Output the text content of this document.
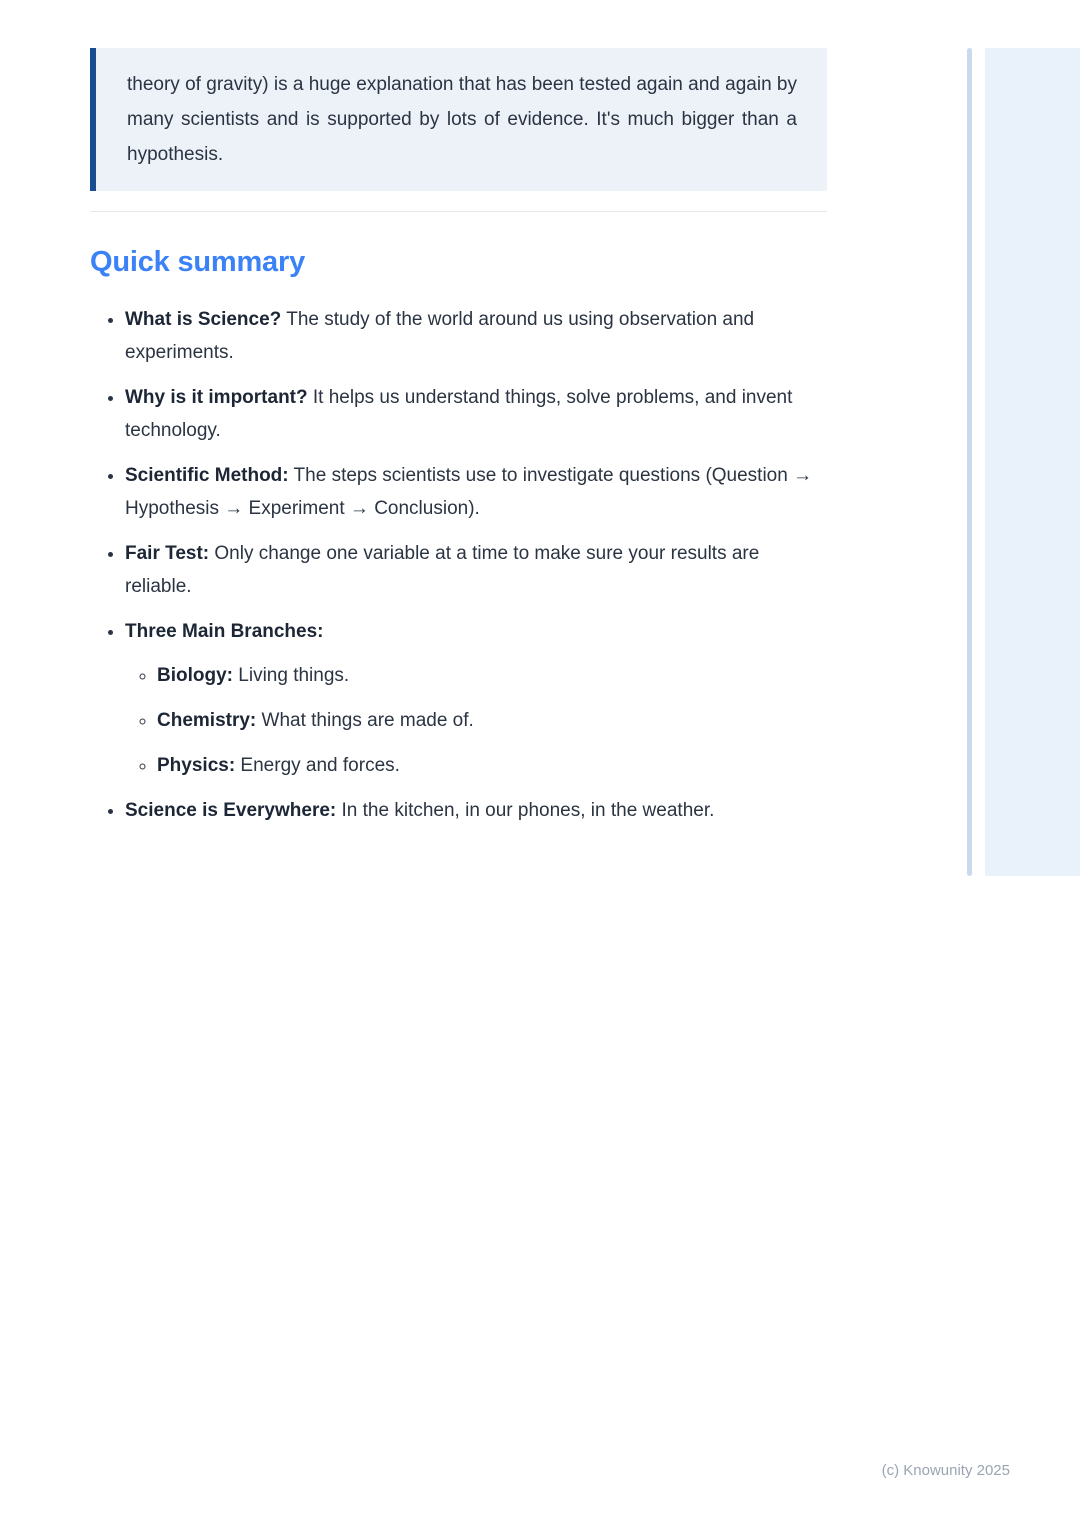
theory of gravity) is a huge explanation that has been tested again and again by many scientists and is supported by lots of evidence. It's much bigger than a hypothesis.

Quick summary
• What is Science? The study of the world around us using observation and experiments.
• Why is it important? It helps us understand things, solve problems, and invent technology.
• Scientific Method: The steps scientists use to investigate questions (Question → Hypothesis → Experiment → Conclusion).
• Fair Test: Only change one variable at a time to make sure your results are reliable.
• Three Main Branches:
◦ Biology: Living things.
◦ Chemistry: What things are made of.
◦ Physics: Energy and forces.
• Science is Everywhere: In the kitchen, in our phones, in the weather.
(c) Knowunity 2025
